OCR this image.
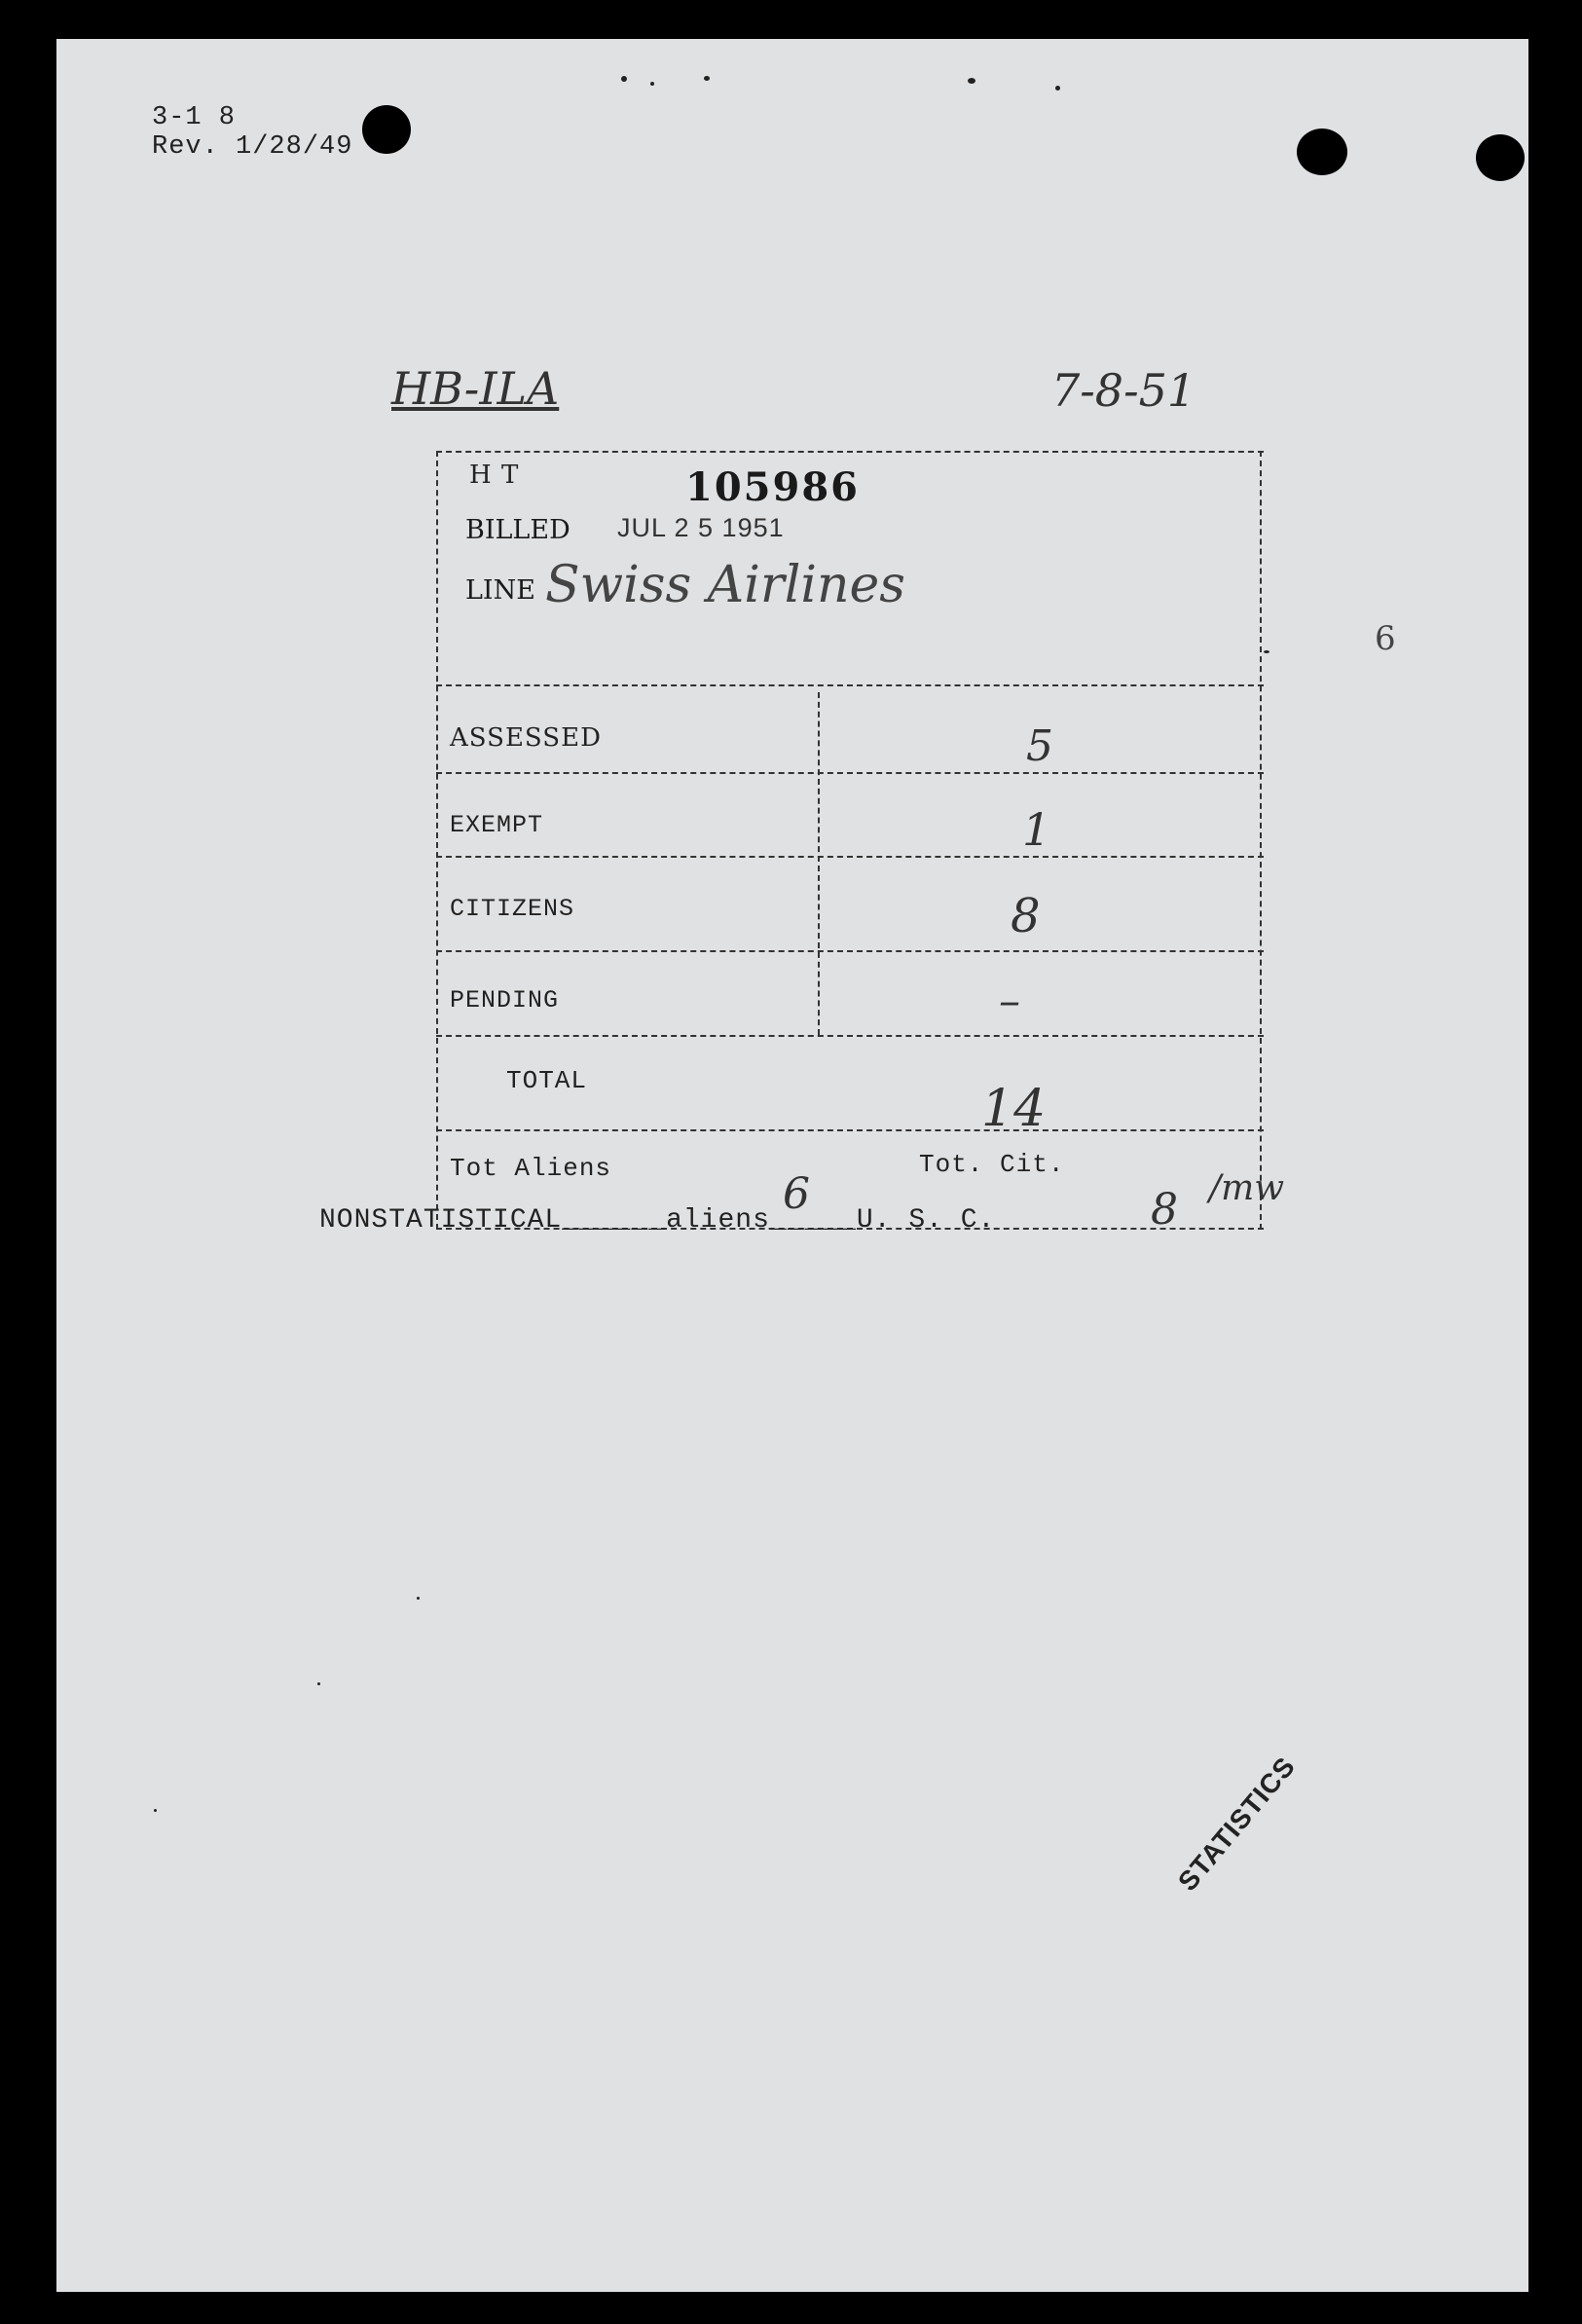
3-1 8
Rev. 1/28/49
HB-ILA	7-8-51
H T	105986
BILLED JUL 2 5 1951
LINE Swiss Airlines
ASSESSED	5
EXEMPT	1
CITIZENS	8
PENDING	–
TOTAL	14
Tot Aliens
6
Tot. Cit.
8 /mw
NONSTATISTICAL______aliens_____U. S. C.
6
STATISTICS
